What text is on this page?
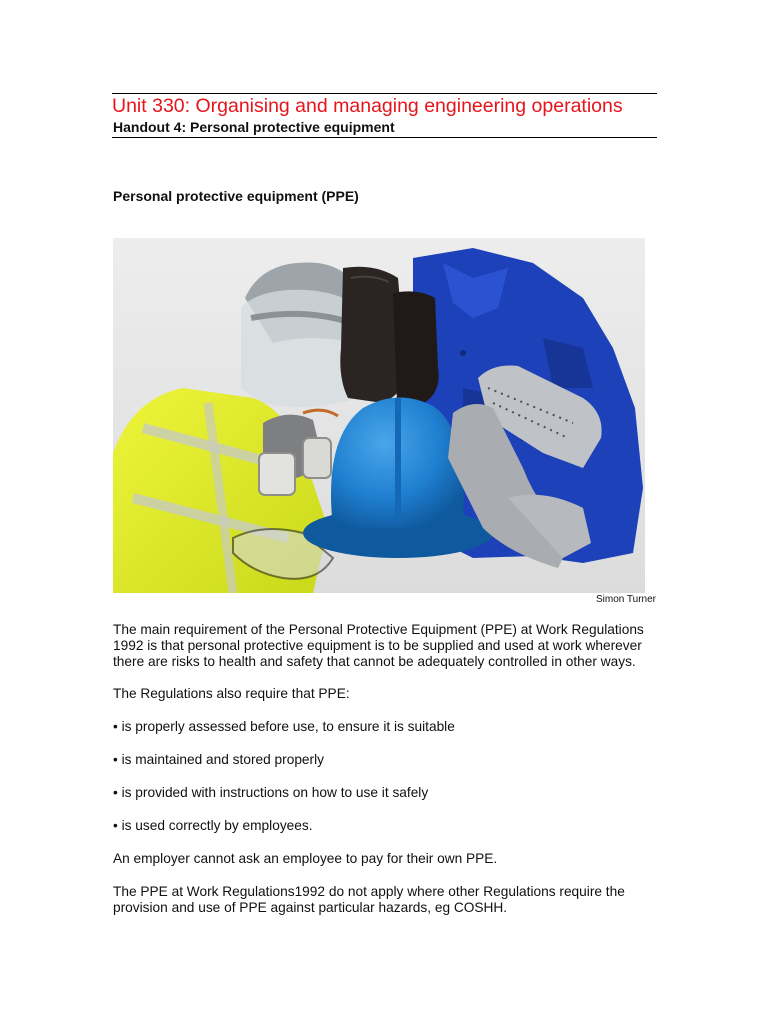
Unit 330: Organising and managing engineering operations
Handout 4: Personal protective equipment
Personal protective equipment (PPE)
Simon Turner

The main requirement of the Personal Protective Equipment (PPE) at Work Regulations 1992 is that personal protective equipment is to be supplied and used at work wherever there are risks to health and safety that cannot be adequately controlled in other ways.

The Regulations also require that PPE:

• is properly assessed before use, to ensure it is suitable

• is maintained and stored properly

• is provided with instructions on how to use it safely

• is used correctly by employees.

An employer cannot ask an employee to pay for their own PPE.

The PPE at Work Regulations1992 do not apply where other Regulations require the provision and use of PPE against particular hazards, eg COSHH.
